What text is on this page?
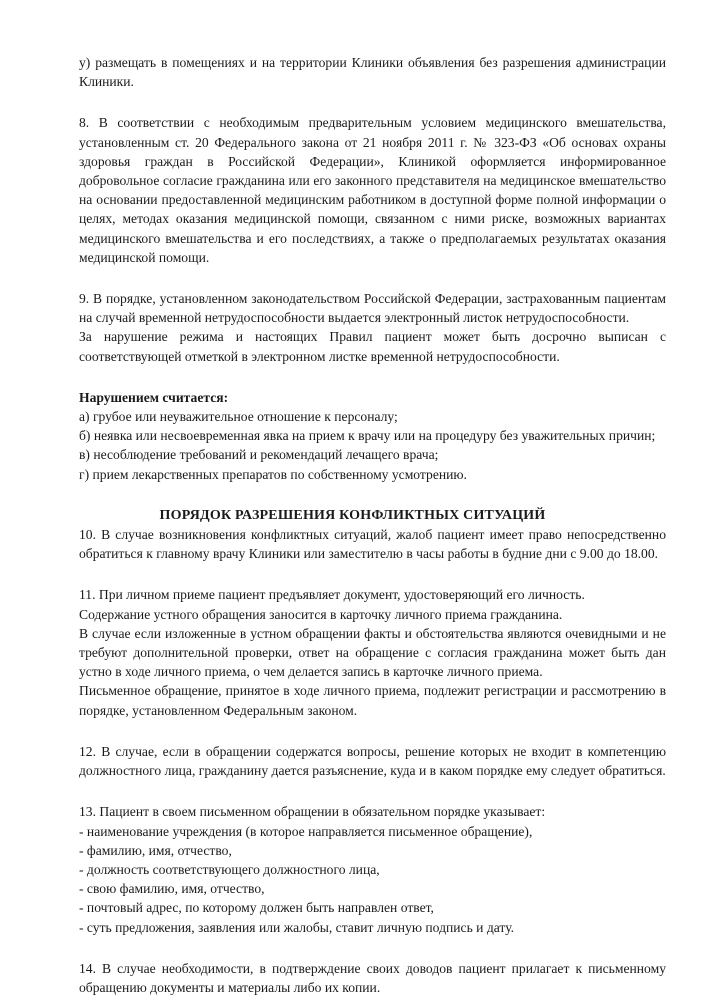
у) размещать в помещениях и на территории Клиники объявления без разрешения администрации Клиники.

8. В соответствии с необходимым предварительным условием медицинского вмешательства, установленным ст. 20 Федерального закона от 21 ноября 2011 г. № 323-ФЗ «Об основах охраны здоровья граждан в Российской Федерации», Клиникой оформляется информированное добровольное согласие гражданина или его законного представителя на медицинское вмешательство на основании предоставленной медицинским работником в доступной форме полной информации о целях, методах оказания медицинской помощи, связанном с ними риске, возможных вариантах медицинского вмешательства и его последствиях, а также о предполагаемых результатах оказания медицинской помощи.

9. В порядке, установленном законодательством Российской Федерации, застрахованным пациентам на случай временной нетрудоспособности выдается электронный листок нетрудоспособности.

За нарушение режима и настоящих Правил пациент может быть досрочно выписан с соответствующей отметкой в электронном листке временной нетрудоспособности.

Нарушением считается:

а) грубое или неуважительное отношение к персоналу;

б) неявка или несвоевременная явка на прием к врачу или на процедуру без уважительных причин;

в) несоблюдение требований и рекомендаций лечащего врача;

г) прием лекарственных препаратов по собственному усмотрению.

ПОРЯДОК РАЗРЕШЕНИЯ КОНФЛИКТНЫХ СИТУАЦИЙ

10. В случае возникновения конфликтных ситуаций, жалоб пациент имеет право непосредственно обратиться к главному врачу Клиники или заместителю в часы работы в будние дни с 9.00 до 18.00.

11. При личном приеме пациент предъявляет документ, удостоверяющий его личность.

Содержание устного обращения заносится в карточку личного приема гражданина.

В случае если изложенные в устном обращении факты и обстоятельства являются очевидными и не требуют дополнительной проверки, ответ на обращение с согласия гражданина может быть дан устно в ходе личного приема, о чем делается запись в карточке личного приема.

Письменное обращение, принятое в ходе личного приема, подлежит регистрации и рассмотрению в порядке, установленном Федеральным законом.

12. В случае, если в обращении содержатся вопросы, решение которых не входит в компетенцию должностного лица, гражданину дается разъяснение, куда и в каком порядке ему следует обратиться.

13. Пациент в своем письменном обращении в обязательном порядке указывает:

- наименование учреждения (в которое направляется письменное обращение),

- фамилию, имя, отчество,

- должность соответствующего должностного лица,

- свою фамилию, имя, отчество,

- почтовый адрес, по которому должен быть направлен ответ,

- суть предложения, заявления или жалобы, ставит личную подпись и дату.

14. В случае необходимости, в подтверждение своих доводов пациент прилагает к письменному обращению документы и материалы либо их копии.
